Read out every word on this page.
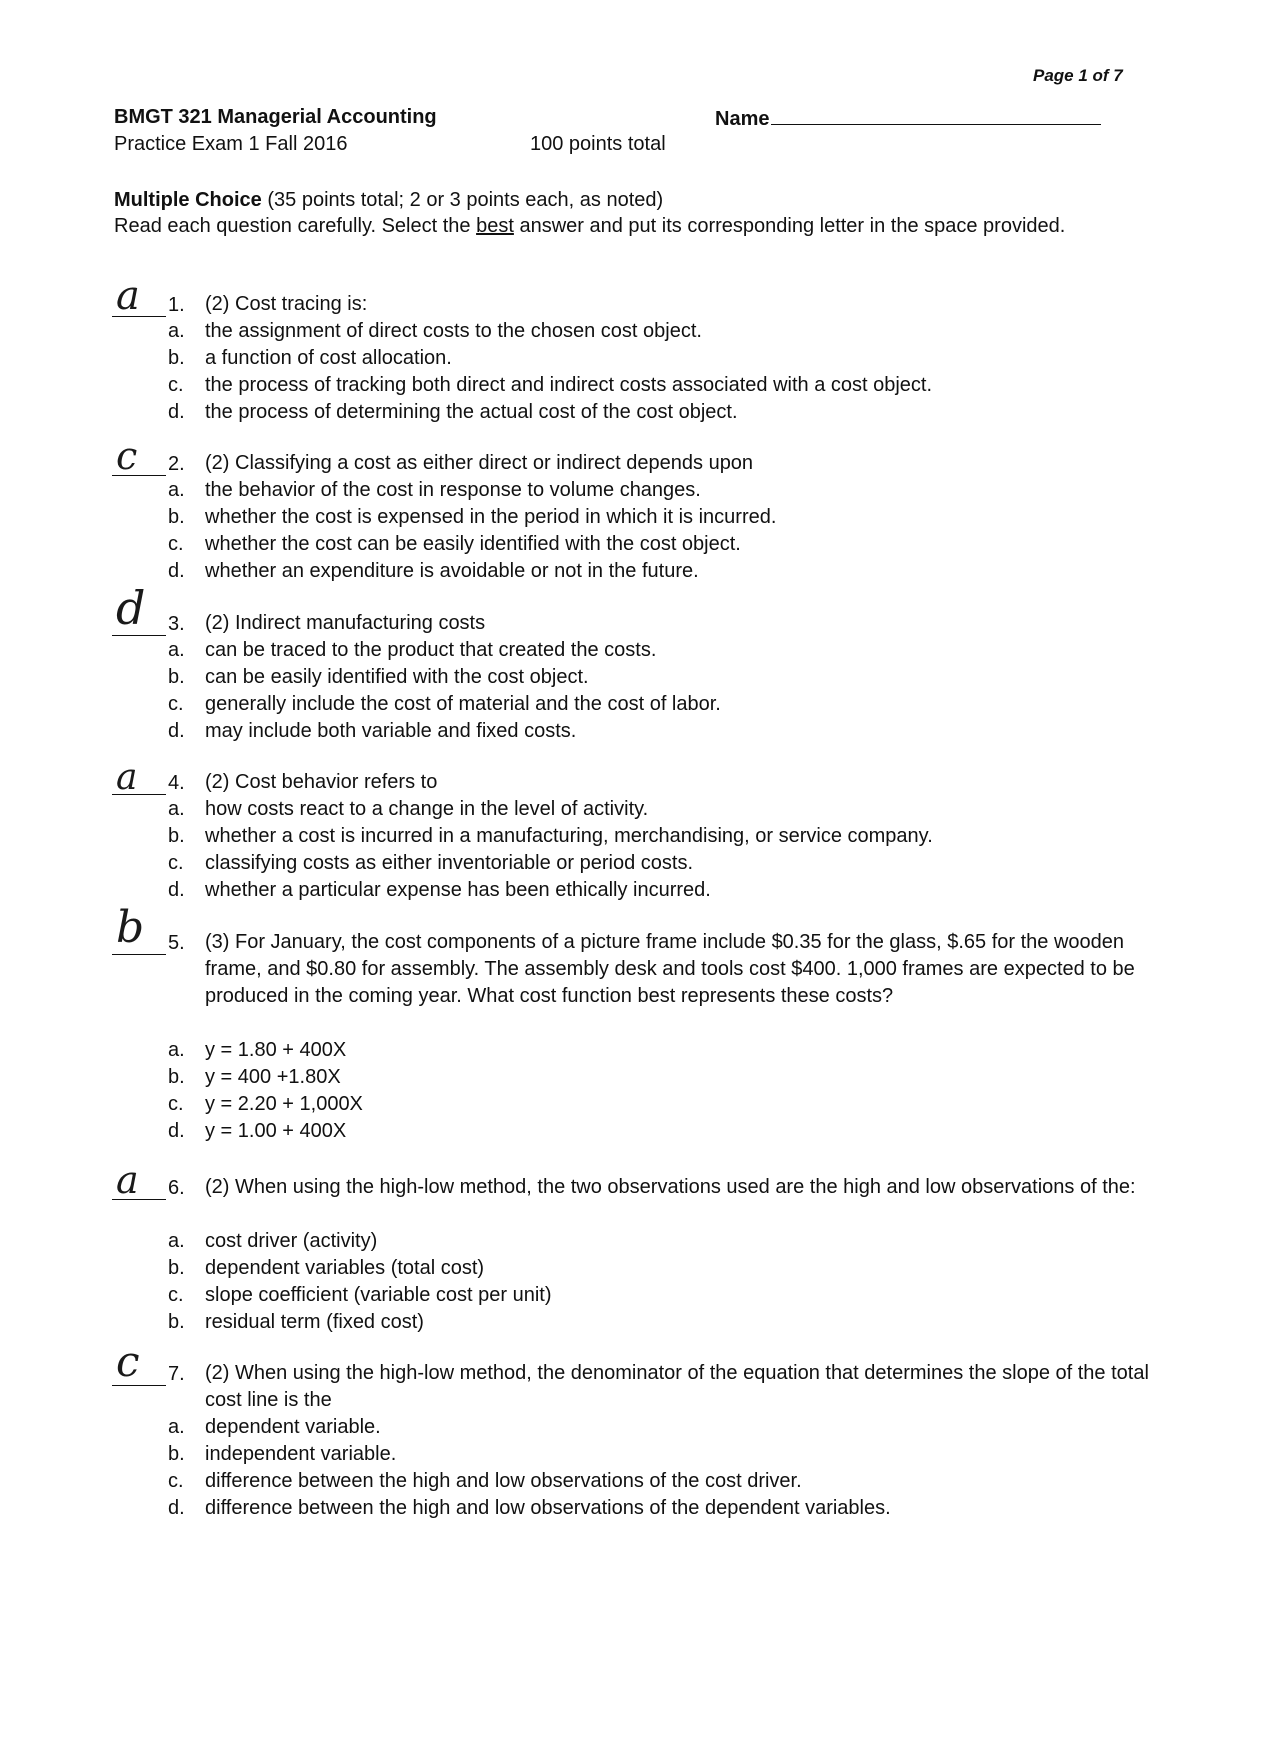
Page 1 of 7
BMGT 321 Managerial Accounting	Name
Practice Exam 1 Fall 2016	100 points total
Multiple Choice (35 points total; 2 or 3 points each, as noted)
Read each question carefully. Select the best answer and put its corresponding letter in the space provided.
a 1. (2) Cost tracing is:
a. the assignment of direct costs to the chosen cost object.
b. a function of cost allocation.
c. the process of tracking both direct and indirect costs associated with a cost object.
d. the process of determining the actual cost of the cost object.
c 2. (2) Classifying a cost as either direct or indirect depends upon
a. the behavior of the cost in response to volume changes.
b. whether the cost is expensed in the period in which it is incurred.
c. whether the cost can be easily identified with the cost object.
d. whether an expenditure is avoidable or not in the future.
d 3. (2) Indirect manufacturing costs
a. can be traced to the product that created the costs.
b. can be easily identified with the cost object.
c. generally include the cost of material and the cost of labor.
d. may include both variable and fixed costs.
a 4. (2) Cost behavior refers to
a. how costs react to a change in the level of activity.
b. whether a cost is incurred in a manufacturing, merchandising, or service company.
c. classifying costs as either inventoriable or period costs.
d. whether a particular expense has been ethically incurred.
b 5. (3) For January, the cost components of a picture frame include $0.35 for the glass, $.65 for the wooden frame, and $0.80 for assembly. The assembly desk and tools cost $400. 1,000 frames are expected to be produced in the coming year. What cost function best represents these costs?
a. y = 1.80 + 400X
b. y = 400 +1.80X
c. y = 2.20 + 1,000X
d. y = 1.00 + 400X
a 6. (2) When using the high-low method, the two observations used are the high and low observations of the:
a. cost driver (activity)
b. dependent variables (total cost)
c. slope coefficient (variable cost per unit)
b. residual term (fixed cost)
c 7. (2) When using the high-low method, the denominator of the equation that determines the slope of the total cost line is the
a. dependent variable.
b. independent variable.
c. difference between the high and low observations of the cost driver.
d. difference between the high and low observations of the dependent variables.
